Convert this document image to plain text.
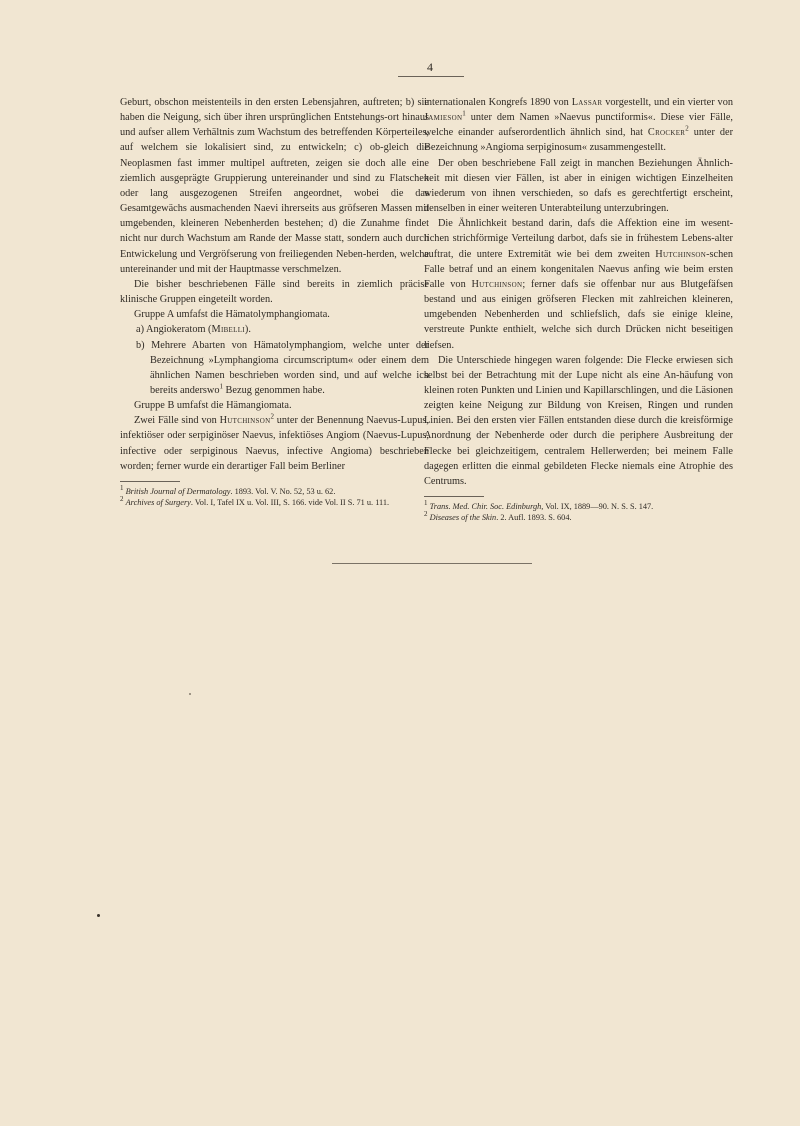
4

Geburt, obschon meistenteils in den ersten Lebensjahren, auftreten; b) sie haben die Neigung, sich über ihren ursprünglichen Entstehungs-ort hinaus und aufser allem Verhältnis zum Wachstum des betreffenden Körperteiles, auf welchem sie lokalisiert sind, zu entwickeln; c) ob-gleich die Neoplasmen fast immer multipel auftreten, zeigen sie doch alle eine ziemlich ausgeprägte Gruppierung untereinander und sind zu Flatschen oder lang ausgezogenen Streifen angeordnet, wobei die das Gesamtgewächs ausmachenden Naevi ihrerseits aus gröfseren Massen mit umgebenden, kleineren Nebenherden bestehen; d) die Zunahme findet nicht nur durch Wachstum am Rande der Masse statt, sondern auch durch Entwickelung und Vergröfserung von freiliegenden Neben-herden, welche untereinander und mit der Hauptmasse verschmelzen.

Die bisher beschriebenen Fälle sind bereits in ziemlich präcise klinische Gruppen eingeteilt worden.

Gruppe A umfafst die Hämatolymphangiomata.

a) Angiokeratom (Mibelli).

b) Mehrere Abarten von Hämatolymphangiom, welche unter der Bezeichnung »Lymphangioma circumscriptum« oder einem dem ähnlichen Namen beschrieben worden sind, und auf welche ich bereits anderswo$^1$ Bezug genommen habe.

Gruppe B umfafst die Hämangiomata.

Zwei Fälle sind von Hutchinson$^2$ unter der Benennung Naevus-Lupus, infektiöser oder serpiginöser Naevus, infektiöses Angiom (Naevus-Lupus, infective oder serpiginous Naevus, infective Angioma) beschrieben worden; ferner wurde ein derartiger Fall beim Berliner

$^1$ British Journal of Dermatology. 1893. Vol. V. No. 52, 53 u. 62.

$^2$ Archives of Surgery. Vol. I, Tafel IX u. Vol. III, S. 166. vide Vol. II S. 71 u. 111.

internationalen Kongrefs 1890 von Lassar vorgestellt, und ein vierter von Jamieson$^1$ unter dem Namen »Naevus punctiformis«. Diese vier Fälle, welche einander aufserordentlich ähnlich sind, hat Crocker$^2$ unter der Bezeichnung »Angioma serpiginosum« zusammengestellt.

Der oben beschriebene Fall zeigt in manchen Beziehungen Ähnlich-keit mit diesen vier Fällen, ist aber in einigen wichtigen Einzelheiten wiederum von ihnen verschieden, so dafs es gerechtfertigt erscheint, denselben in einer weiteren Unterabteilung unterzubringen.

Die Ähnlichkeit bestand darin, dafs die Affektion eine im wesent-lichen strichförmige Verteilung darbot, dafs sie in frühestem Lebens-alter auftrat, die untere Extremität wie bei dem zweiten Hutchinson-schen Falle betraf und an einem kongenitalen Naevus anfing wie beim ersten Falle von Hutchinson; ferner dafs sie offenbar nur aus Blutgefäfsen bestand und aus einigen gröfseren Flecken mit zahlreichen kleineren, umgebenden Nebenherden und schliefslich, dafs sie einige kleine, verstreute Punkte enthielt, welche sich durch Drücken nicht beseitigen liefsen.

Die Unterschiede hingegen waren folgende: Die Flecke erwiesen sich selbst bei der Betrachtung mit der Lupe nicht als eine An-häufung von kleinen roten Punkten und Linien und Kapillarschlingen, und die Läsionen zeigten keine Neigung zur Bildung von Kreisen, Ringen und runden Linien. Bei den ersten vier Fällen entstanden diese durch die kreisförmige Anordnung der Nebenherde oder durch die periphere Ausbreitung der Flecke bei gleichzeitigem, centralem Hellerwerden; bei meinem Falle dagegen erlitten die einmal gebildeten Flecke niemals eine Atrophie des Centrums.

$^1$ Trans. Med. Chir. Soc. Edinburgh, Vol. IX, 1889—90. N. S. S. 147.

$^2$ Diseases of the Skin. 2. Aufl. 1893. S. 604.
